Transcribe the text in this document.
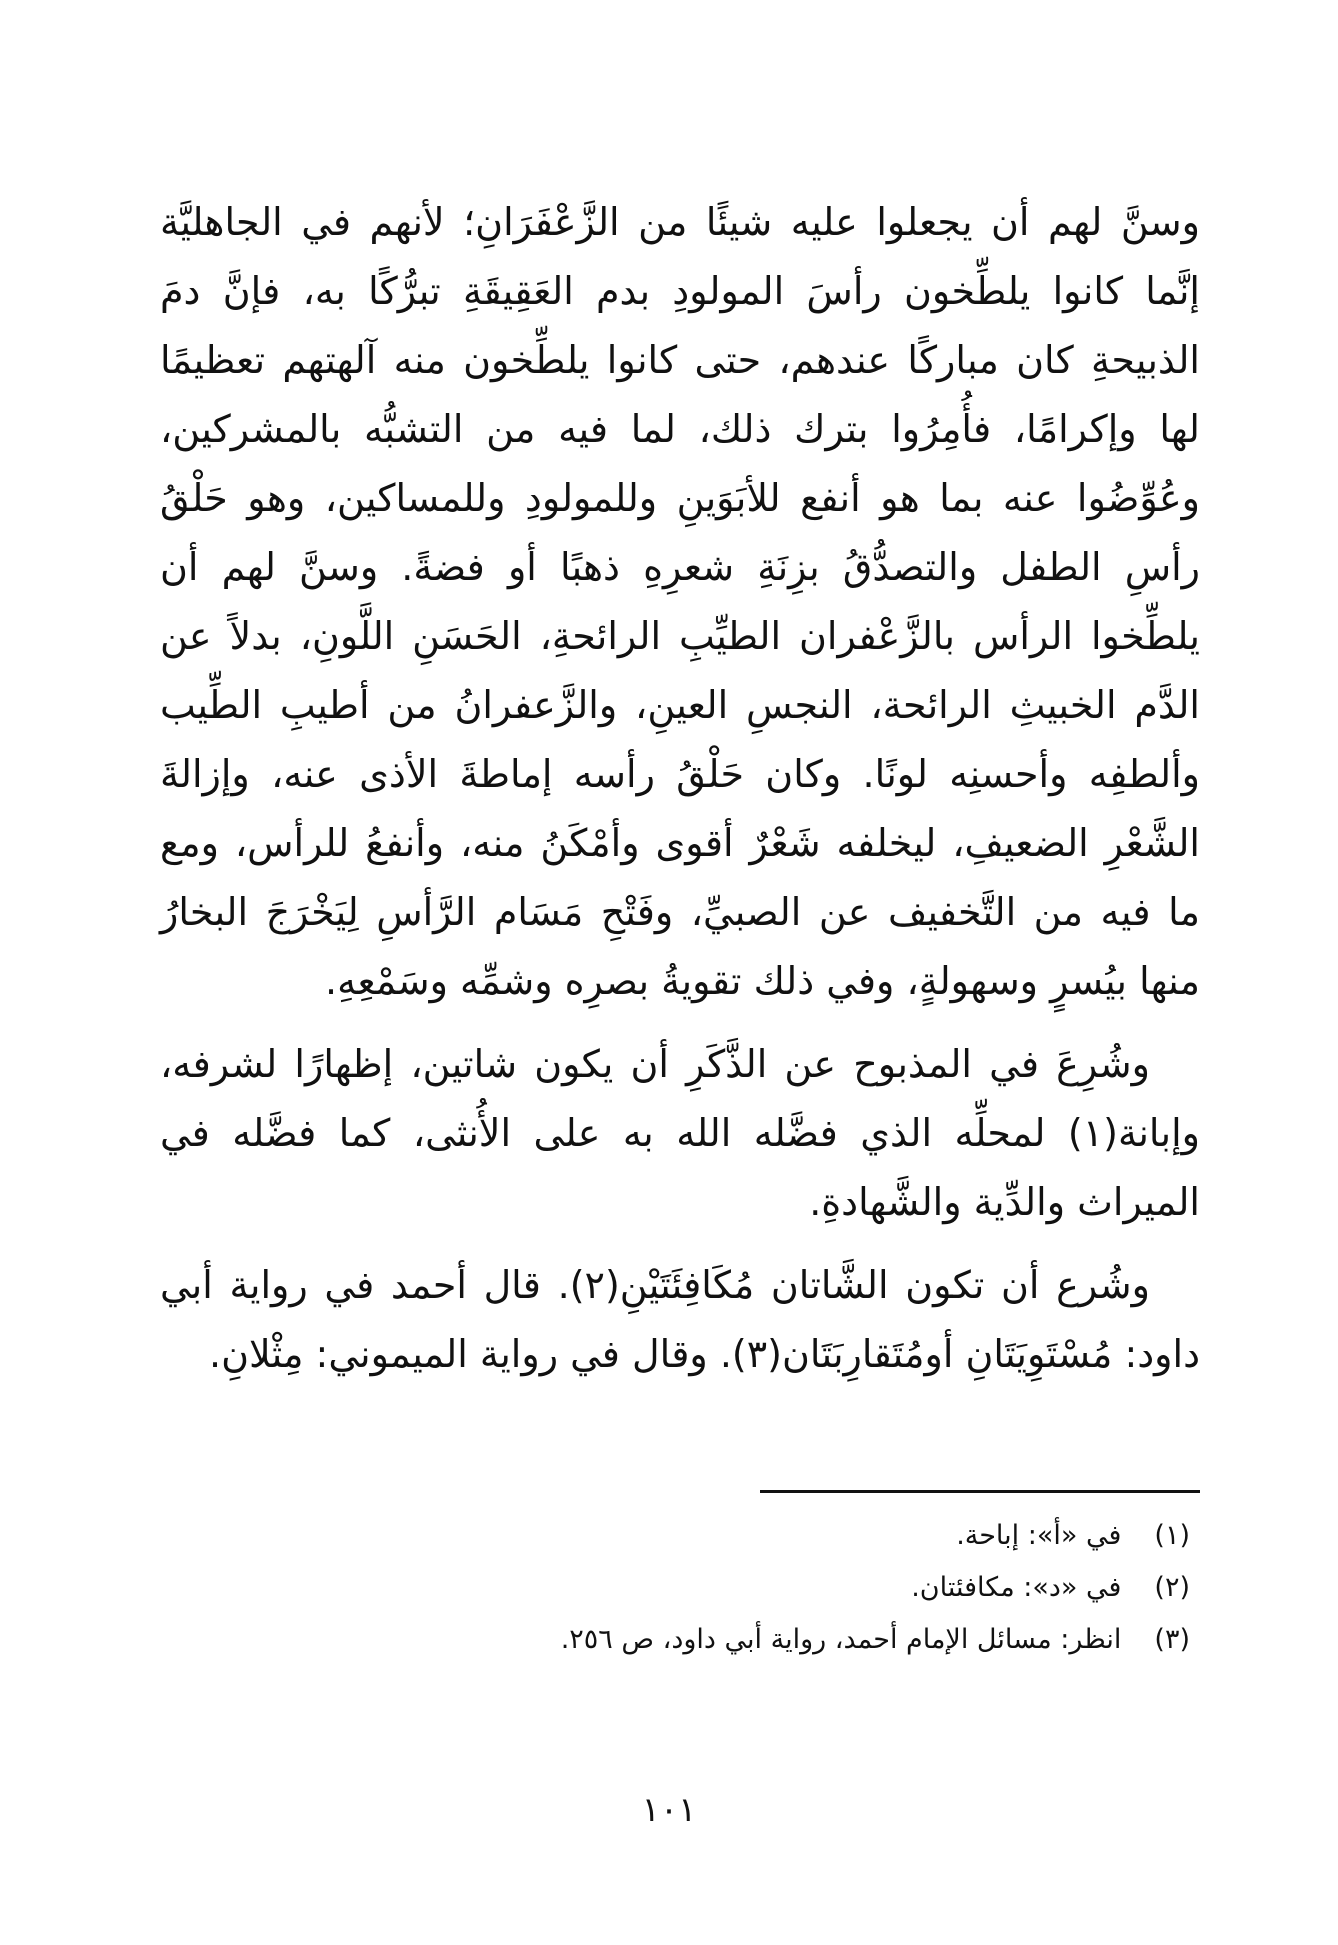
وسنَّ لهم أن يجعلوا عليه شيئًا من الزَّعْفَرَانِ؛ لأنهم في الجاهليَّة إنَّما كانوا يلطِّخون رأسَ المولودِ بدم العَقِيقَةِ تبرُّكًا به، فإنَّ دمَ الذبيحةِ كان مباركًا عندهم، حتى كانوا يلطِّخون منه آلهتهم تعظيمًا لها وإكرامًا، فأُمِرُوا بترك ذلك، لما فيه من التشبُّه بالمشركين، وعُوِّضُوا عنه بما هو أنفع للأبَوَينِ وللمولودِ وللمساكين، وهو حَلْقُ رأسِ الطفل والتصدُّقُ بزِنَةِ شعرِهِ ذهبًا أو فضةً. وسنَّ لهم أن يلطِّخوا الرأس بالزَّعْفران الطيِّبِ الرائحةِ، الحَسَنِ اللَّونِ، بدلاً عن الدَّم الخبيثِ الرائحة، النجسِ العينِ، والزَّعفرانُ من أطيبِ الطِّيب وألطفِه وأحسنِه لونًا. وكان حَلْقُ رأسه إماطةَ الأذى عنه، وإزالةَ الشَّعْرِ الضعيفِ، ليخلفه شَعْرٌ أقوى وأمْكَنُ منه، وأنفعُ للرأس، ومع ما فيه من التَّخفيف عن الصبيِّ، وفَتْحِ مَسَام الرَّأسِ لِيَخْرَجَ البخارُ منها بيُسرٍ وسهولةٍ، وفي ذلك تقويةُ بصرِه وشمِّه وسَمْعِهِ.

وشُرِعَ في المذبوح عن الذَّكَرِ أن يكون شاتين، إظهارًا لشرفه، وإبانة(١) لمحلِّه الذي فضَّله الله به على الأُنثى، كما فضَّله في الميراث والدِّية والشَّهادةِ.

وشُرع أن تكون الشَّاتان مُكَافِئَتَيْنِ(٢). قال أحمد في رواية أبي داود: مُسْتَوِيَتَانِ أومُتَقارِبَتَان(٣). وقال في رواية الميموني: مِثْلانِ.

(١) في «أ»: إباحة.
(٢) في «د»: مكافئتان.
(٣) انظر: مسائل الإمام أحمد، رواية أبي داود، ص ٢٥٦.
١٠١
